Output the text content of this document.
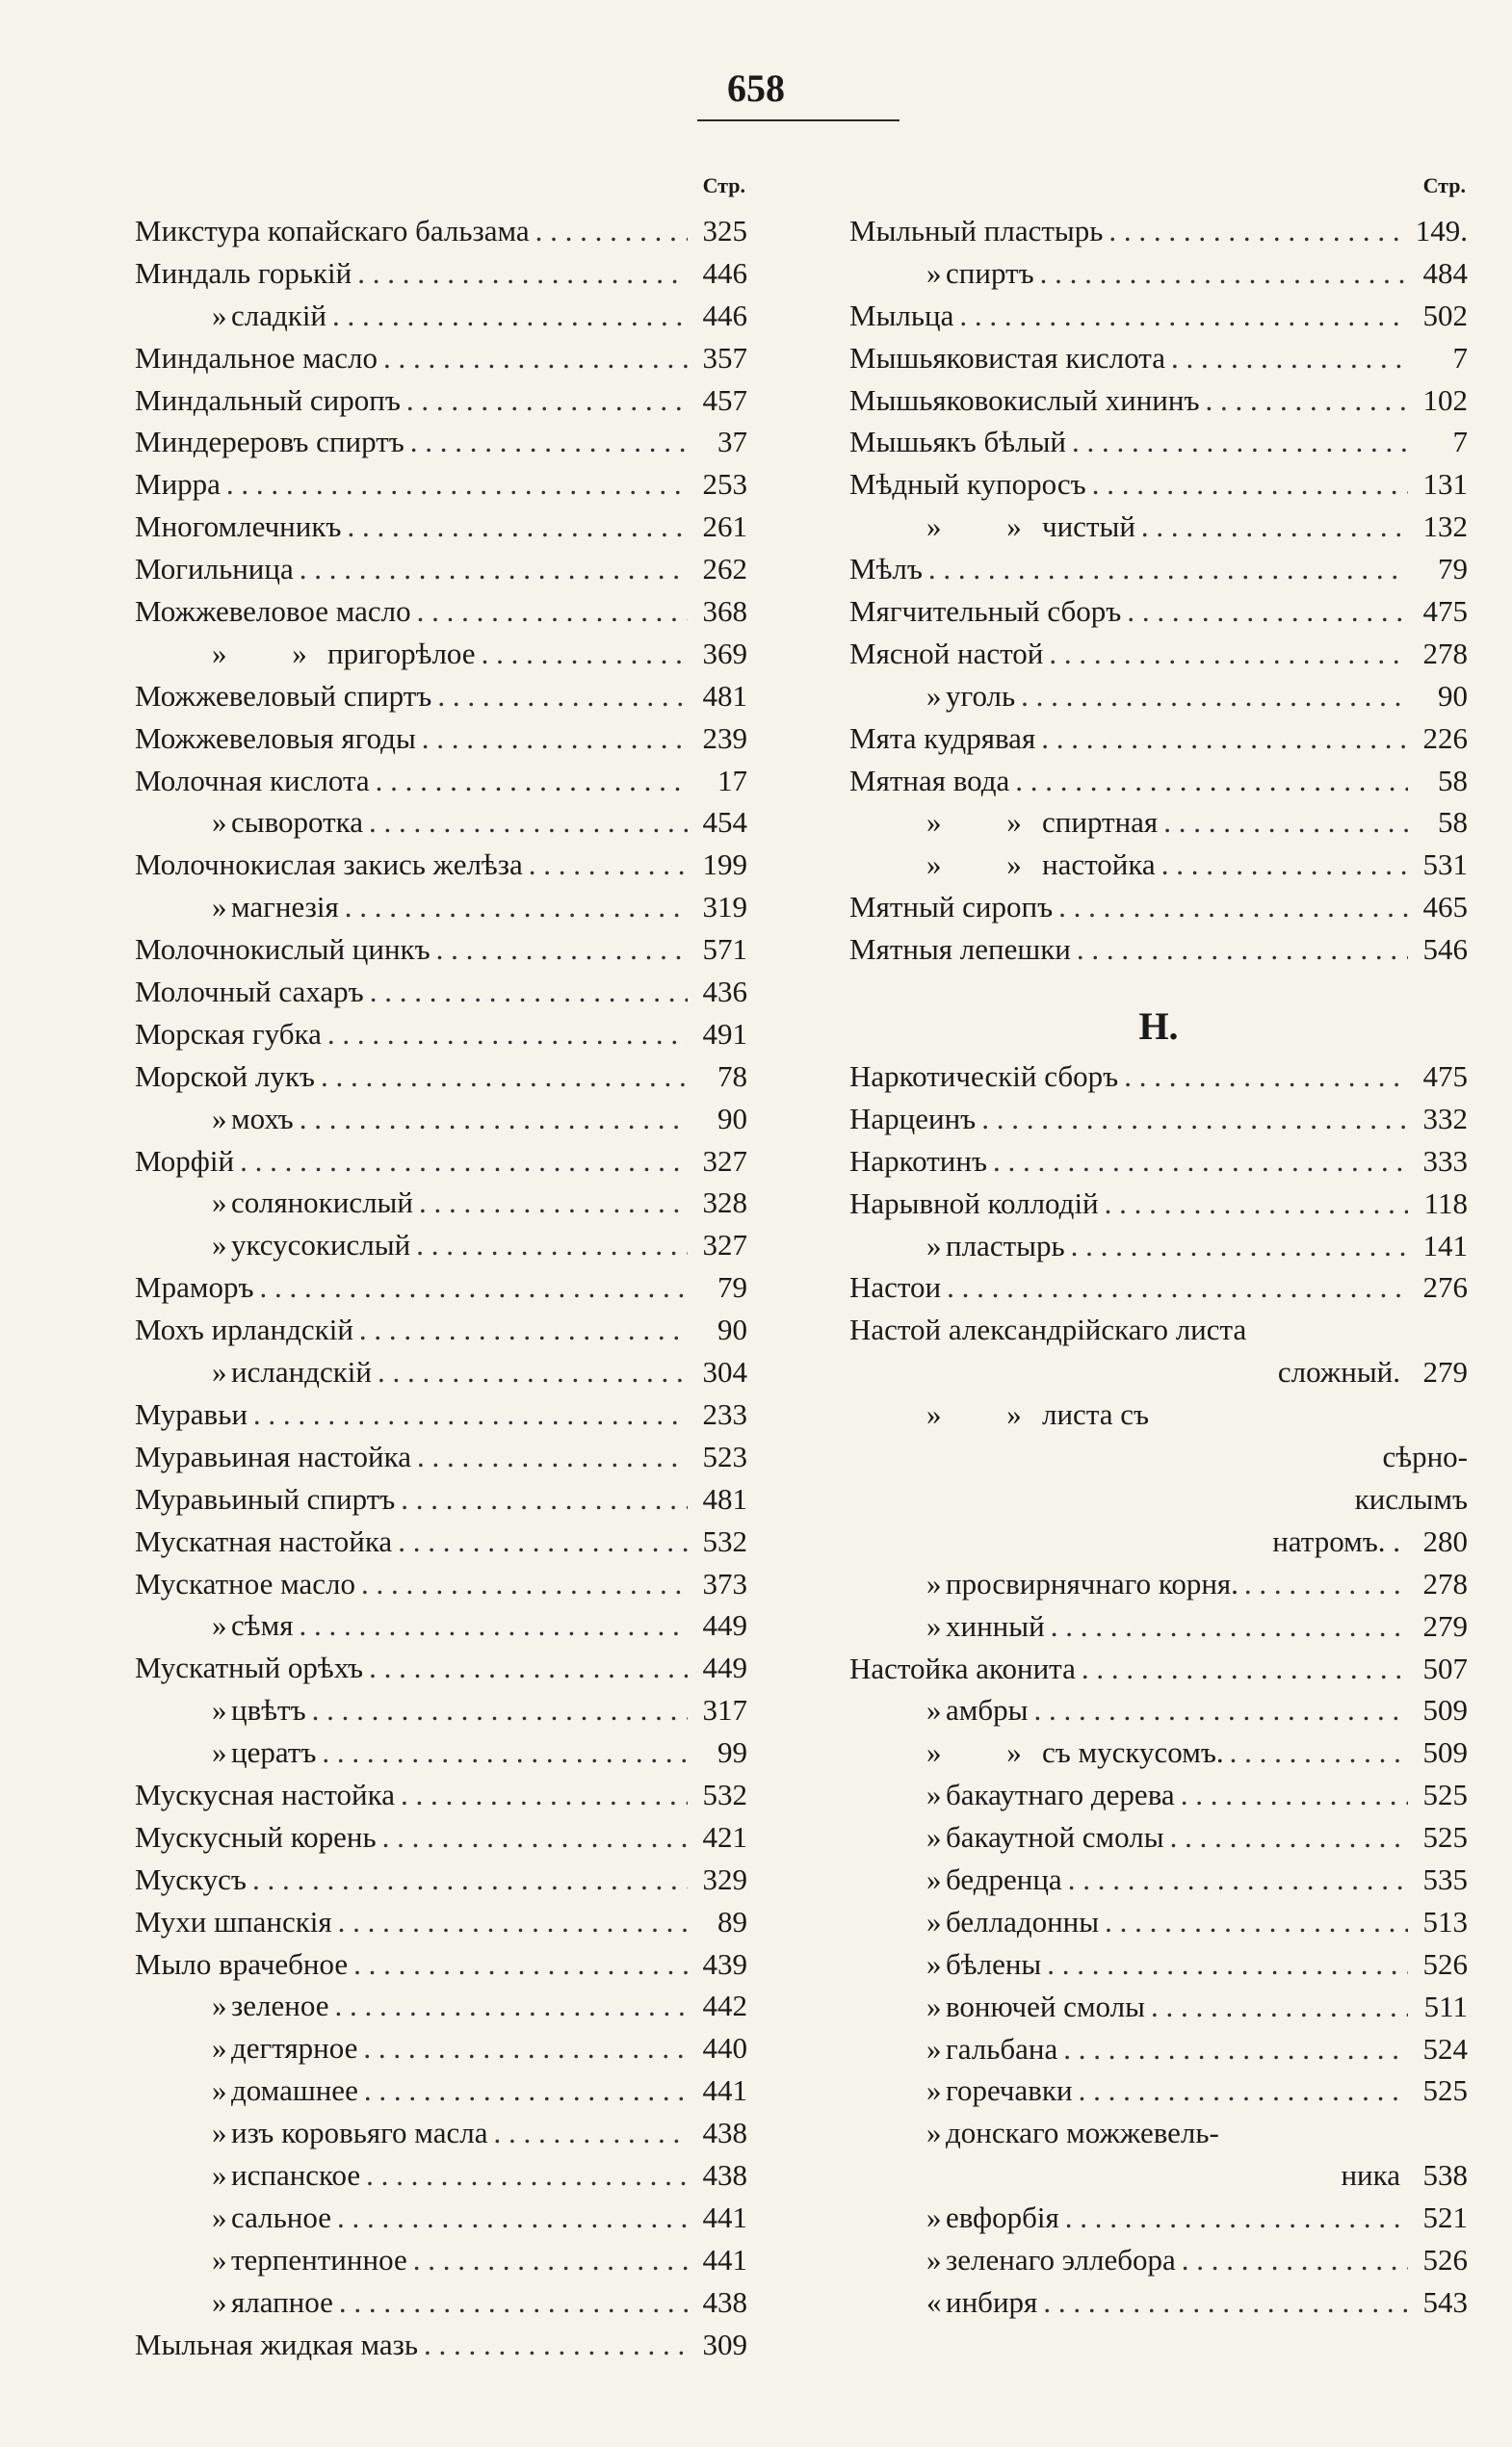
658
Стр.
Микстура копайскаго бальзама . . .	325
Миндаль горькій . . .	446
» сладкій . . .	446
Миндальное масло . . .	357
Миндальный сиропъ . . .	457
Миндереровъ спиртъ . . .	37
Мирра . . .	253
Многомлечникъ . . .	261
Могильница . . .	262
Можжевеловое масло . . .	368
» » пригорѣлое . . .	369
Можжевеловый спиртъ . . .	481
Можжевеловыя ягоды . . .	239
Молочная кислота . . .	17
» сыворотка . . .	454
Молочнокислая закись желѣза . . .	199
» магнезія . . .	319
Молочнокислый цинкъ . . .	571
Молочный сахаръ . . .	436
Морская губка . . .	491
Морской лукъ . . .	78
» мохъ . . .	90
Морфій . . .	327
» солянокислый . . .	328
» уксусокислый . . .	327
Мраморъ . . .	79
Мохъ ирландскій . . .	90
» исландскій . . .	304
Муравьи . . .	233
Муравьиная настойка . . .	523
Муравьиный спиртъ . . .	481
Мускатная настойка . . .	532
Мускатное масло . . .	373
» сѣмя . . .	449
Мускатный орѣхъ . . .	449
» цвѣтъ . . .	317
» цератъ . . .	99
Мускусная настойка . . .	532
Мускусный корень . . .	421
Мускусъ . . .	329
Мухи шпанскія . . .	89
Мыло врачебное . . .	439
» зеленое . . .	442
» дегтярное . . .	440
» домашнее . . .	441
» изъ коровьяго масла . . .	438
» испанское . . .	438
» сальное . . .	441
» терпентинное . . .	441
» ялапное . . .	438
Мыльная жидкая мазь . . .	309
Стр.
Мыльный пластырь . . .	149.
» спиртъ . . .	484
Мыльца . . .	502
Мышьяковистая кислота . . .	7
Мышьяковокислый хининъ . . .	102
Мышьякъ бѣлый . . .	7
Мѣдный купоросъ . . .	131
» » чистый . . .	132
Мѣлъ . . .	79
Мягчительный сборъ . . .	475
Мясной настой . . .	278
» уголь . . .	90
Мята кудрявая . . .	226
Мятная вода . . .	58
» » спиртная . . .	58
» » настойка . . .	531
Мятный сиропъ . . .	465
Мятныя лепешки . . .	546
Н.
Наркотическій сборъ . . .	475
Нарцеинъ . . .	332
Наркотинъ . . .	333
Нарывной коллодій . . .	118
» пластырь . . .	141
Настои . . .	276
Настой александрійскаго листа
сложный. 279
» » листа съ
сѣрно-
кислымъ
натромъ. . 280
» просвирнячнаго корня. . . .	278
» хинный . . .	279
Настойка аконита . . .	507
» амбры . . .	509
» » съ мускусомъ. . . .	509
» бакаутнаго дерева . . .	525
» бакаутной смолы . . .	525
» бедренца . . .	535
» белладонны . . .	513
» бѣлены . . .	526
» вонючей смолы . . .	511
» гальбана . . .	524
» горечавки . . .	525
» донскаго можжевель-
ника 538
» евфорбія . . .	521
» зеленаго эллебора . . .	526
« инбиря . . .	543
